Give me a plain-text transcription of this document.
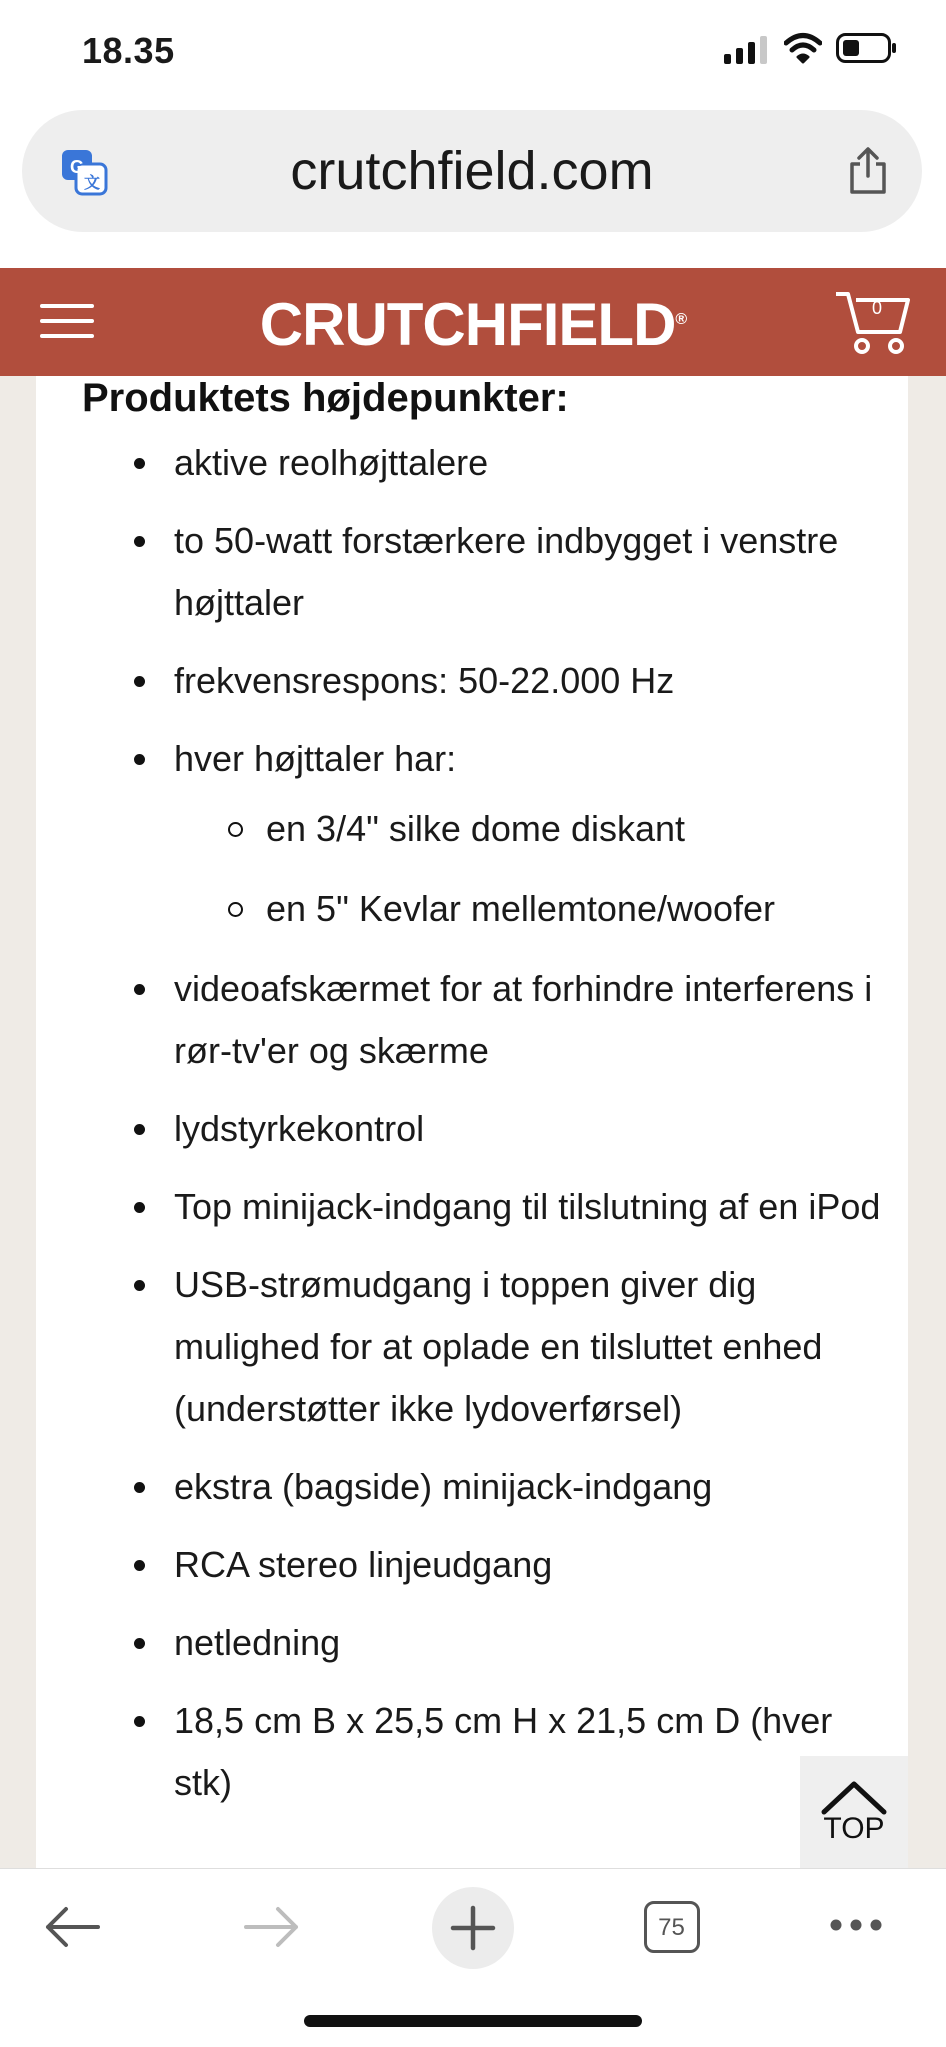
18.35
G
文	crutchfield.com
CRUTCHFIELD®
0
Produktets højdepunkter:
aktive reolhøjttalere
to 50-watt forstærkere indbygget i venstre højttaler
frekvensrespons: 50-22.000 Hz
hver højttaler har:
en 3/4" silke dome diskant
en 5" Kevlar mellemtone/woofer
videoafskærmet for at forhindre interferens i rør-tv'er og skærme
lydstyrkekontrol
Top minijack-indgang til tilslutning af en iPod
USB-strømudgang i toppen giver dig mulighed for at oplade en tilsluttet enhed (understøtter ikke lydoverførsel)
ekstra (bagside) minijack-indgang
RCA stereo linjeudgang
netledning
18,5 cm B x 25,5 cm H x 21,5 cm D (hver stk)
TOP
75
